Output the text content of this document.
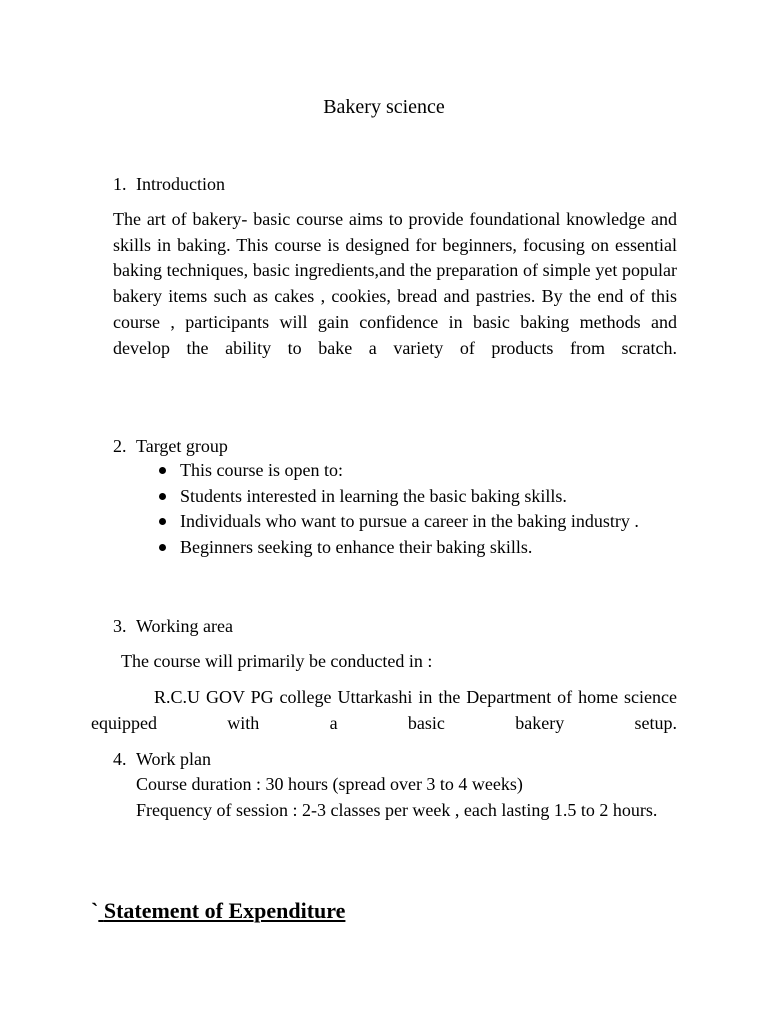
Bakery science
1. Introduction

The art of bakery- basic course aims to provide foundational knowledge and skills in baking. This course is designed for beginners, focusing on essential baking techniques, basic ingredients,and the preparation of simple yet popular bakery items such as cakes , cookies, bread and pastries. By the end of this course , participants will gain confidence in basic baking methods and develop the ability to bake a variety of products from scratch.

2. Target group
This course is open to:
Students interested in learning the basic baking skills.
Individuals who want to pursue a career in the baking industry .
Beginners seeking to enhance their baking skills.
3. Working area

The course will primarily be conducted in :

R.C.U GOV PG college Uttarkashi in the Department of home science equipped with a basic bakery setup.

4. Work plan

Course duration : 30 hours (spread over 3 to 4 weeks)

Frequency of session : 2-3 classes per week , each lasting 1.5 to 2 hours.

` Statement of Expenditure
